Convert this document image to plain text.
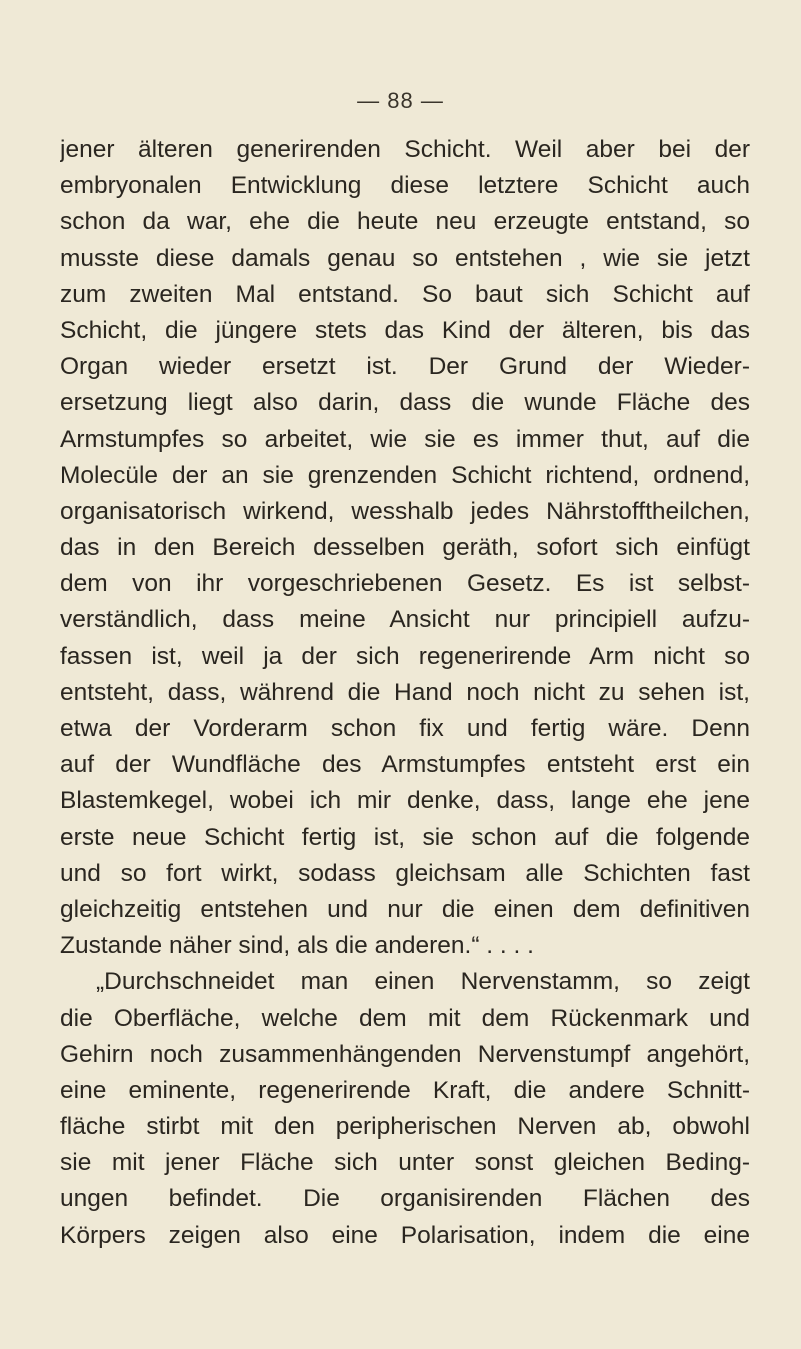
— 88 —
jener älteren generirenden Schicht. Weil aber bei der
embryonalen Entwicklung diese letztere Schicht auch
schon da war, ehe die heute neu erzeugte entstand, so
musste diese damals genau so entstehen , wie sie jetzt
zum zweiten Mal entstand. So baut sich Schicht auf
Schicht, die jüngere stets das Kind der älteren, bis das
Organ wieder ersetzt ist. Der Grund der Wieder-
ersetzung liegt also darin, dass die wunde Fläche des
Armstumpfes so arbeitet, wie sie es immer thut, auf die
Molecüle der an sie grenzenden Schicht richtend, ordnend,
organisatorisch wirkend, wesshalb jedes Nährstofftheilchen,
das in den Bereich desselben geräth, sofort sich einfügt
dem von ihr vorgeschriebenen Gesetz. Es ist selbst-
verständlich, dass meine Ansicht nur principiell aufzu-
fassen ist, weil ja der sich regenerirende Arm nicht so
entsteht, dass, während die Hand noch nicht zu sehen ist,
etwa der Vorderarm schon fix und fertig wäre. Denn
auf der Wundfläche des Armstumpfes entsteht erst ein
Blastemkegel, wobei ich mir denke, dass, lange ehe jene
erste neue Schicht fertig ist, sie schon auf die folgende
und so fort wirkt, sodass gleichsam alle Schichten fast
gleichzeitig entstehen und nur die einen dem definitiven
Zustande näher sind, als die anderen.“ . . . .
„Durchschneidet man einen Nervenstamm, so zeigt
die Oberfläche, welche dem mit dem Rückenmark und
Gehirn noch zusammenhängenden Nervenstumpf angehört,
eine eminente, regenerirende Kraft, die andere Schnitt-
fläche stirbt mit den peripherischen Nerven ab, obwohl
sie mit jener Fläche sich unter sonst gleichen Beding-
ungen befindet. Die organisirenden Flächen des
Körpers zeigen also eine Polarisation, indem die eine
